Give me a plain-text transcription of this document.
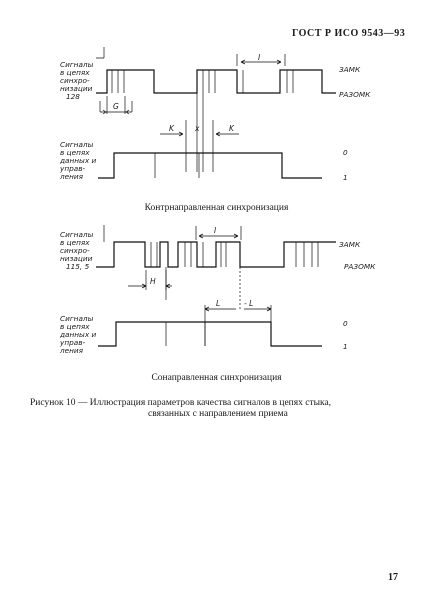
ГОСТ Р ИСО 9543—93
Сигналы в цепях синхро- низации 128
I
G
ЗАМК
РАЗОМК
K	x	K
Сигналы в цепях данных и управ- ления
0
1
Сигналы в цепях синхро- низации 115, 5
I
H
ЗАМК
РАЗОМК
L	- L
Сигналы в цепях данных и управ- ления
0
1
Контрнаправленная синхронизация
Сонаправленная синхронизация
Рисунок 10 — Иллюстрация параметров качества сигналов в цепях стыка,
связанных с направлением приема
17
